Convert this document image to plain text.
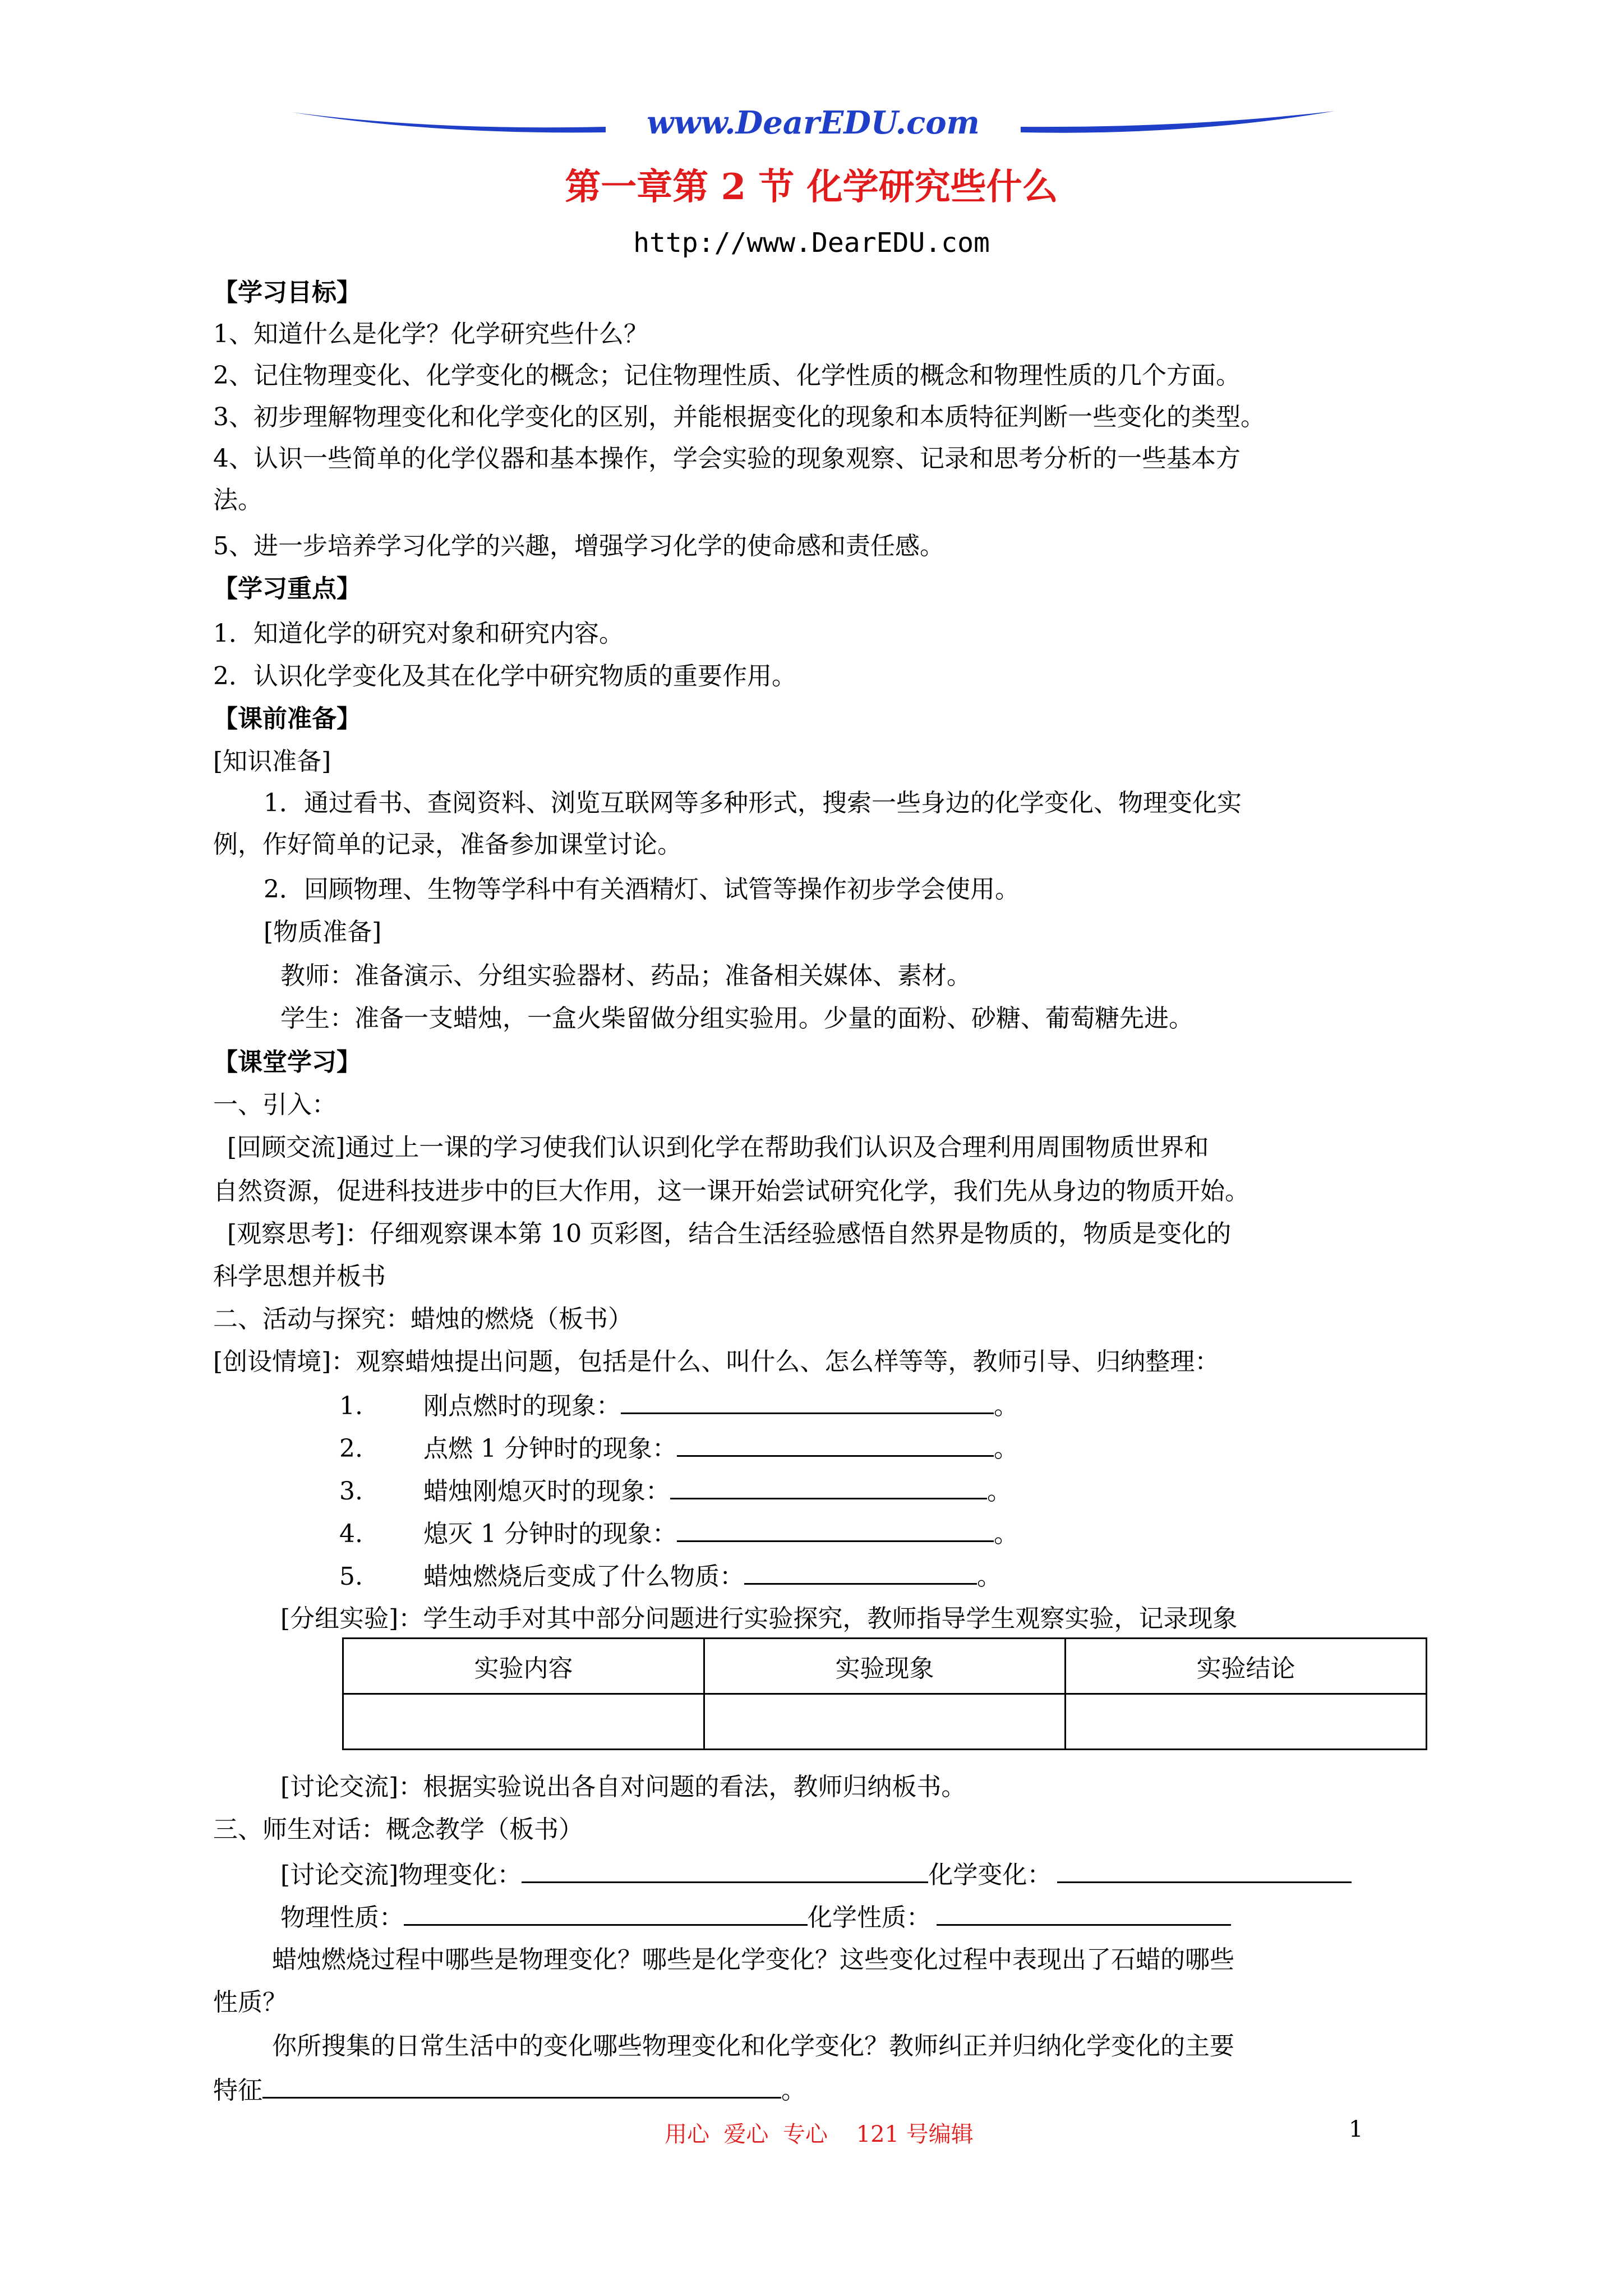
www.DearEDU.com
第一章第 2 节 化学研究些什么
http://www.DearEDU.com
【学习目标】
1、知道什么是化学？化学研究些什么？
2、记住物理变化、化学变化的概念；记住物理性质、化学性质的概念和物理性质的几个方面。
3、初步理解物理变化和化学变化的区别，并能根据变化的现象和本质特征判断一些变化的类型。
4、认识一些简单的化学仪器和基本操作，学会实验的现象观察、记录和思考分析的一些基本方
法。
5、进一步培养学习化学的兴趣，增强学习化学的使命感和责任感。
【学习重点】
1．知道化学的研究对象和研究内容。
2．认识化学变化及其在化学中研究物质的重要作用。
【课前准备】
[知识准备]
1．通过看书、查阅资料、浏览互联网等多种形式，搜索一些身边的化学变化、物理变化实
例，作好简单的记录，准备参加课堂讨论。
2．回顾物理、生物等学科中有关酒精灯、试管等操作初步学会使用。
[物质准备]
教师：准备演示、分组实验器材、药品；准备相关媒体、素材。
学生：准备一支蜡烛，一盒火柴留做分组实验用。少量的面粉、砂糖、葡萄糖先进。
【课堂学习】
一、引入：
[回顾交流]通过上一课的学习使我们认识到化学在帮助我们认识及合理利用周围物质世界和
自然资源，促进科技进步中的巨大作用，这一课开始尝试研究化学，我们先从身边的物质开始。
[观察思考]：仔细观察课本第 10 页彩图，结合生活经验感悟自然界是物质的，物质是变化的
科学思想并板书
二、活动与探究：蜡烛的燃烧（板书）
[创设情境]：观察蜡烛提出问题，包括是什么、叫什么、怎么样等等，教师引导、归纳整理：
1. 刚点燃时的现象：	。
2. 点燃 1 分钟时的现象：	。
3. 蜡烛刚熄灭时的现象：	。
4. 熄灭 1 分钟时的现象：	。
5. 蜡烛燃烧后变成了什么物质：	。
[分组实验]：学生动手对其中部分问题进行实验探究，教师指导学生观察实验，记录现象
实验内容	实验现象	实验结论

[讨论交流]：根据实验说出各自对问题的看法，教师归纳板书。
三、师生对话：概念教学（板书）
[讨论交流]物理变化：	化学变化：
物理性质：	化学性质：
蜡烛燃烧过程中哪些是物理变化？哪些是化学变化？这些变化过程中表现出了石蜡的哪些
性质？
你所搜集的日常生活中的变化哪些物理变化和化学变化？教师纠正并归纳化学变化的主要
特征	。
用心  爱心  专心    121 号编辑	1
